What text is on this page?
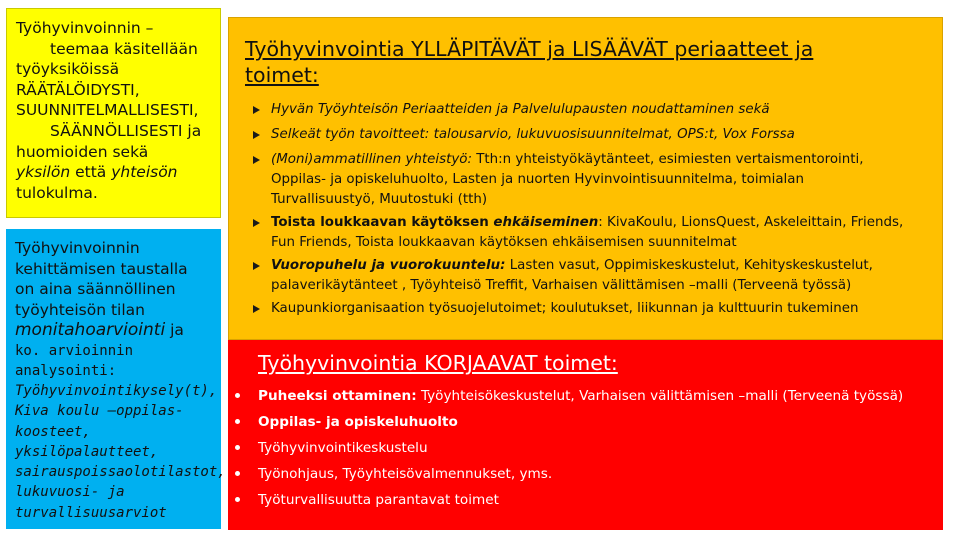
Työhyvinvoinnin –
teemaa käsitellään
työyksiköissä
RÄÄTÄLÖIDYSTI,
SUUNNITELMALLISESTI,
SÄÄNNÖLLISESTI ja
huomioiden sekä
yksilön että yhteisön
tulokulma.
Työhyvinvoinnin
kehittämisen taustalla
on aina säännöllinen
työyhteisön tilan
monitahoarviointi ja
ko. arvioinnin
analysointi:
Työhyvinvointikysely(t),
Kiva koulu –oppilas-
koosteet,
yksilöpalautteet,
sairauspoissaolotilastot,
lukuvuosi- ja
turvallisuusarviot
Työhyvinvointia YLLÄPITÄVÄT ja LISÄÄVÄT periaatteet ja
toimet:
Hyvän Työyhteisön Periaatteiden ja Palvelulupausten noudattaminen sekä
Selkeät työn tavoitteet: talousarvio, lukuvuosisuunnitelmat, OPS:t, Vox Forssa
(Moni)ammatillinen yhteistyö: Tth:n yhteistyökäytänteet, esimiesten vertaismentorointi,
Oppilas- ja opiskeluhuolto, Lasten ja nuorten Hyvinvointisuunnitelma, toimialan
Turvallisuustyö, Muutostuki (tth)
Toista loukkaavan käytöksen ehkäiseminen: KivaKoulu, LionsQuest, Askeleittain, Friends,
Fun Friends, Toista loukkaavan käytöksen ehkäisemisen suunnitelmat
Vuoropuhelu ja vuorokuuntelu: Lasten vasut, Oppimiskeskustelut, Kehityskeskustelut,
palaverikäytänteet , Työyhteisö Treffit, Varhaisen välittämisen –malli (Terveenä työssä)
Kaupunkiorganisaation työsuojelutoimet; koulutukset, liikunnan ja kulttuurin tukeminen
Työhyvinvointia KORJAAVAT toimet:
Puheeksi ottaminen: Työyhteisökeskustelut, Varhaisen välittämisen –malli (Terveenä työssä)
Oppilas- ja opiskeluhuolto
Työhyvinvointikeskustelu
Työnohjaus, Työyhteisövalmennukset, yms.
Työturvallisuutta parantavat toimet
